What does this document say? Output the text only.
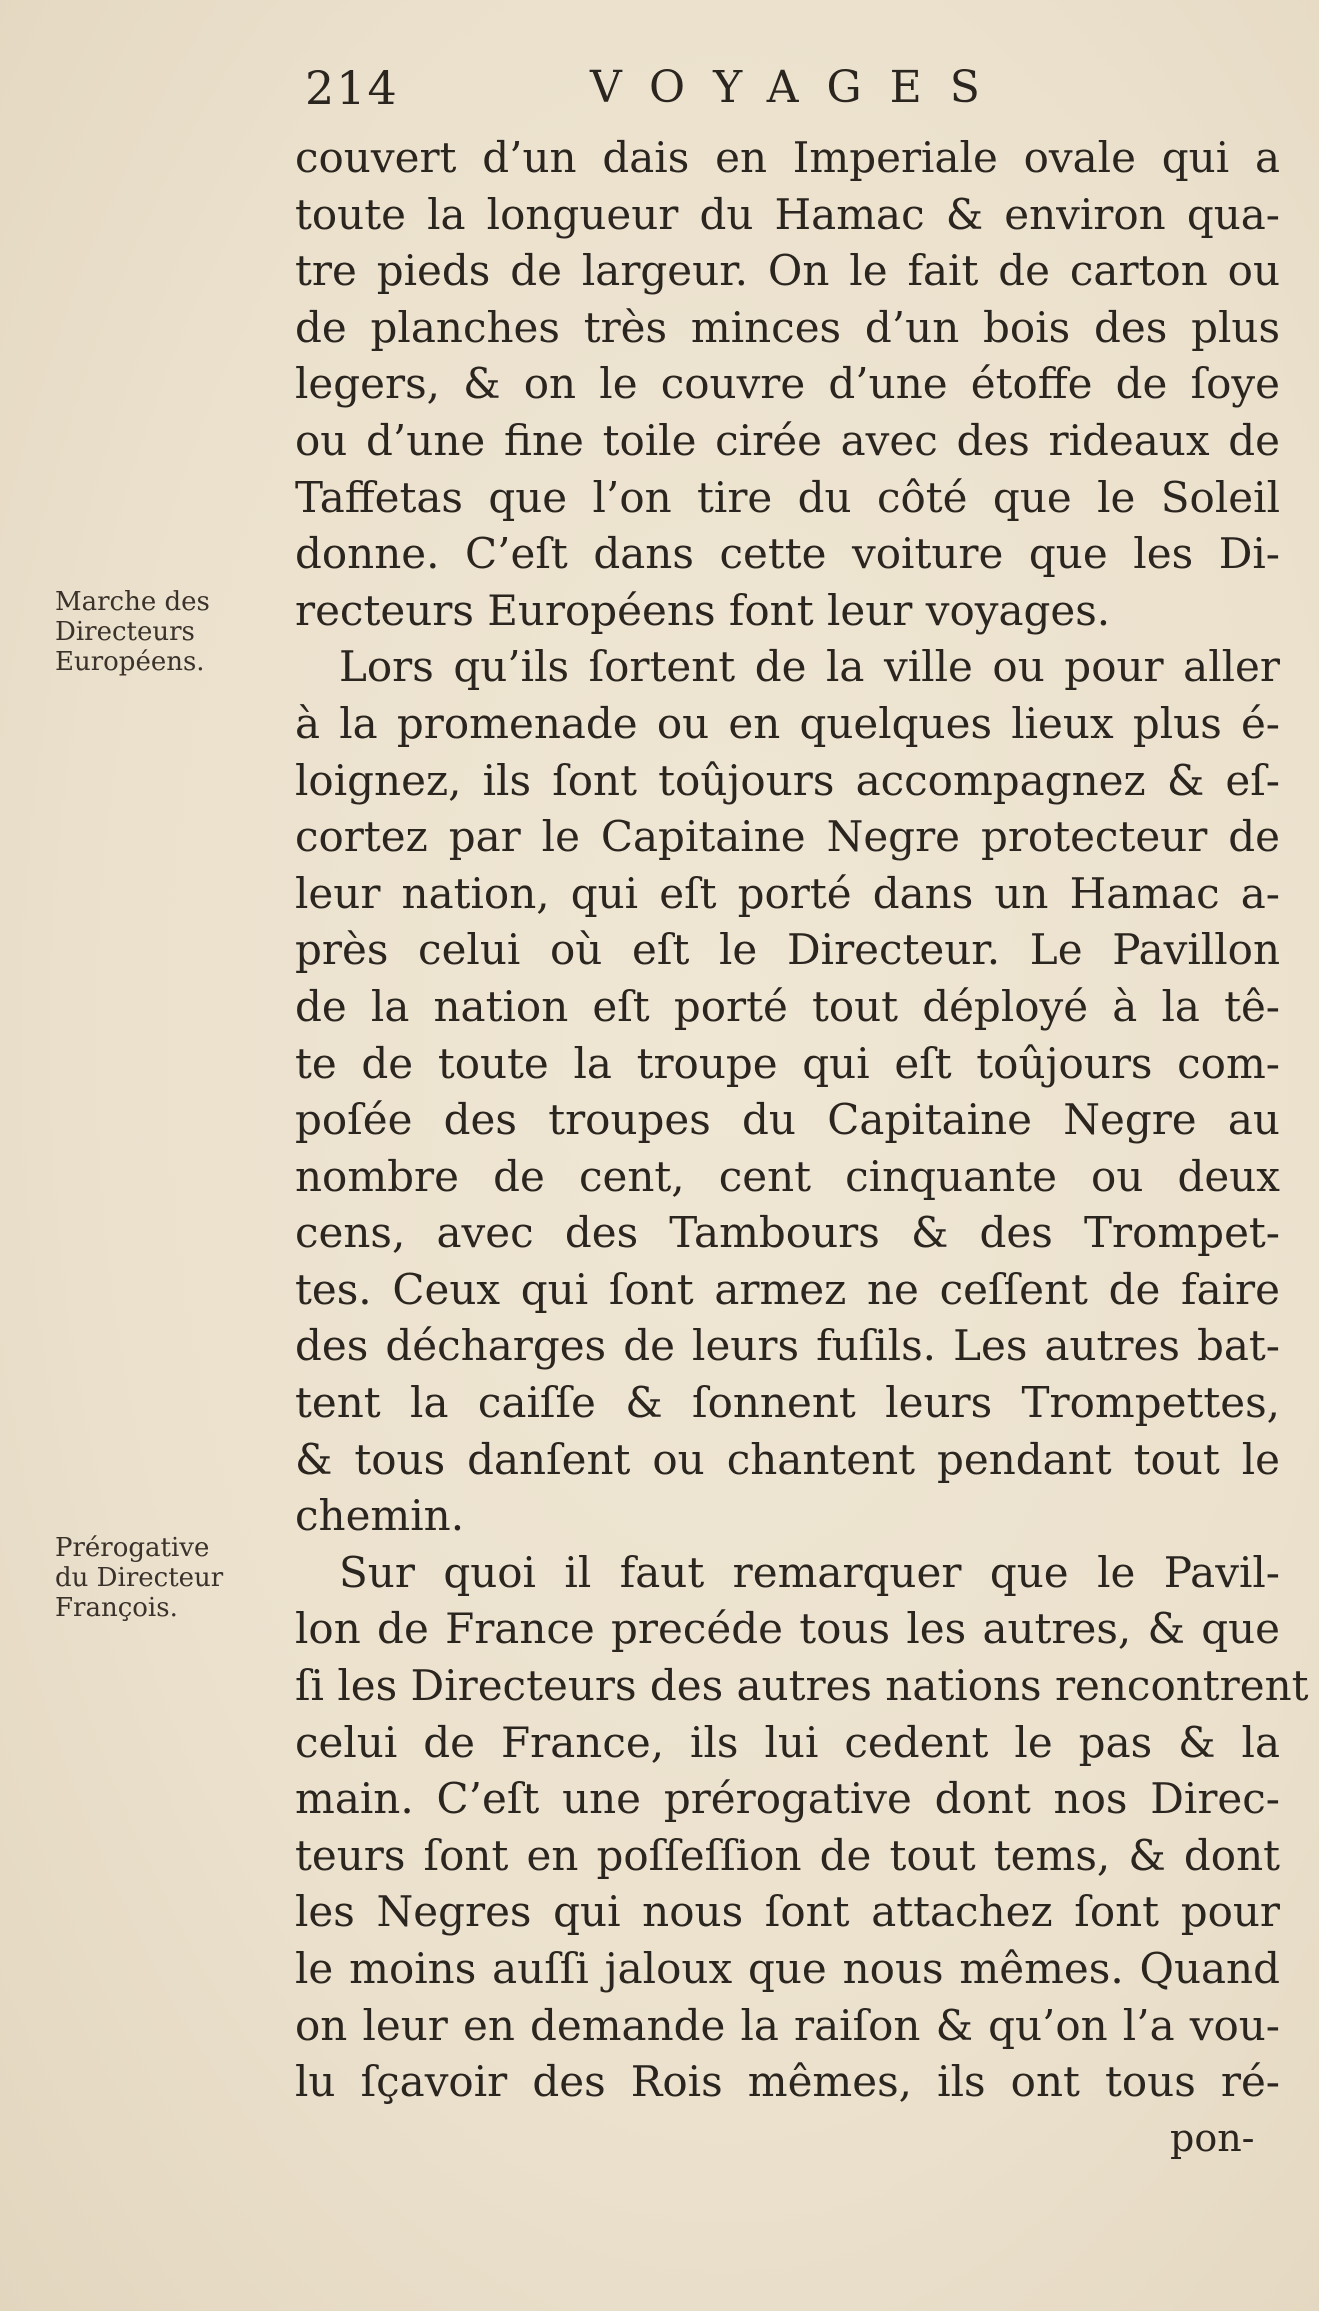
214	VOYAGES
Marche des
Directeurs
Européens.
Prérogative
du Directeur
François.
couvert d’un dais en Imperiale ovale qui a
toute la longueur du Hamac & environ qua-
tre pieds de largeur. On le fait de carton ou
de planches très minces d’un bois des plus
legers, & on le couvre d’une étoffe de ſoye
ou d’une fine toile cirée avec des rideaux de
Taffetas que l’on tire du côté que le Soleil
donne. C’eſt dans cette voiture que les Di-
recteurs Européens font leur voyages.
Lors qu’ils ſortent de la ville ou pour aller
à la promenade ou en quelques lieux plus é-
loignez, ils ſont toûjours accompagnez & eſ-
cortez par le Capitaine Negre protecteur de
leur nation, qui eſt porté dans un Hamac a-
près celui où eſt le Directeur. Le Pavillon
de la nation eſt porté tout déployé à la tê-
te de toute la troupe qui eſt toûjours com-
poſée des troupes du Capitaine Negre au
nombre de cent, cent cinquante ou deux
cens, avec des Tambours & des Trompet-
tes. Ceux qui ſont armez ne ceſſent de faire
des décharges de leurs fuſils. Les autres bat-
tent la caiſſe & ſonnent leurs Trompettes,
& tous danſent ou chantent pendant tout le
chemin.
Sur quoi il faut remarquer que le Pavil-
lon de France precéde tous les autres, & que
ſi les Directeurs des autres nations rencontrent
celui de France, ils lui cedent le pas & la
main. C’eſt une prérogative dont nos Direc-
teurs ſont en poſſeſſion de tout tems, & dont
les Negres qui nous ſont attachez ſont pour
le moins auſſi jaloux que nous mêmes. Quand
on leur en demande la raiſon & qu’on l’a vou-
lu ſçavoir des Rois mêmes, ils ont tous ré-
pon-
